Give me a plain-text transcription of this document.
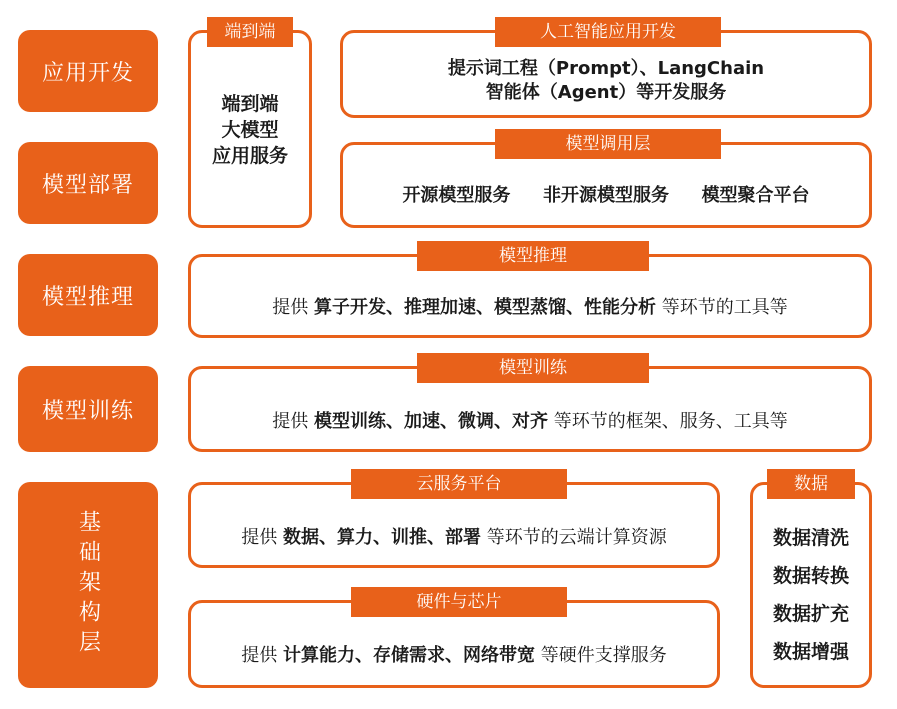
应用开发
模型部署
模型推理
模型训练
基础架构层
端到端
端到端
大模型
应用服务
人工智能应用开发
提示词工程（Prompt）、LangChain
智能体（Agent）等开发服务
模型调用层
开源模型服务 非开源模型服务 模型聚合平台
模型推理
提供 算子开发、推理加速、模型蒸馏、性能分析 等环节的工具等
模型训练
提供 模型训练、加速、微调、对齐 等环节的框架、服务、工具等
云服务平台
提供 数据、算力、训推、部署 等环节的云端计算资源
硬件与芯片
提供 计算能力、存储需求、网络带宽 等硬件支撑服务
数据
数据清洗
数据转换
数据扩充
数据增强
